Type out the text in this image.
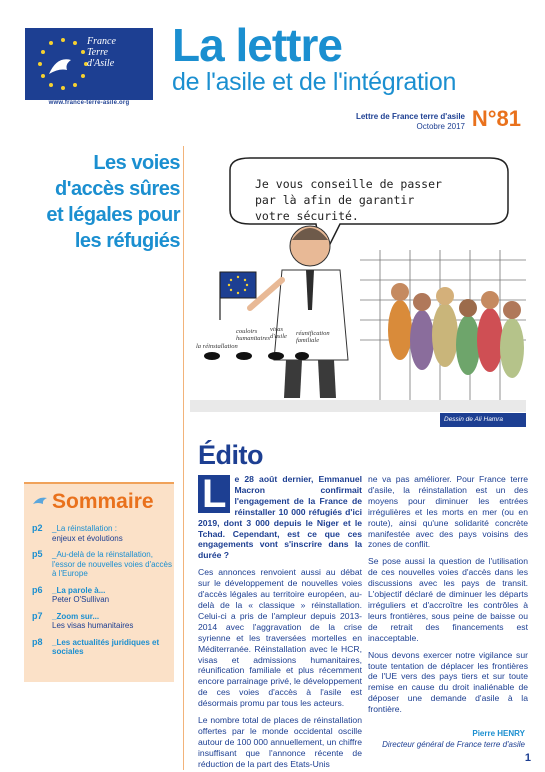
France
Terre
d'Asile
www.france-terre-asile.org
La lettre
de l'asile et de l'intégration
Lettre de France terre d'asile
Octobre 2017 N°81
Les voies d'accès sûres et légales pour les réfugiés
Je vous conseille de passer par là afin de garantir votre sécurité.
la réinstallation
couloirs humanitaires
visas d'asile	réunification familiale
Dessin de Ali Hamra
Édito

L e 28 août dernier, Emmanuel Macron confirmait l'engagement de la France de réinstaller 10 000 réfugiés d'ici 2019, dont 3 000 depuis le Niger et le Tchad. Cependant, est ce que ces engagements vont s'inscrire dans la durée ?

Ces annonces renvoient aussi au débat sur le développement de nouvelles voies d'accès légales au territoire européen, au-delà de la « classique » réinstallation. Celui-ci a pris de l'ampleur depuis 2013-2014 avec l'aggravation de la crise syrienne et les traversées mortelles en Méditerranée. Réinstallation avec le HCR, visas et admissions humanitaires, réunification familiale et plus récemment encore parrainage privé, le développement de ces voies d'accès à l'asile est désormais promu par tous les acteurs.

Le nombre total de places de réinstallation offertes par le monde occidental oscille autour de 100 000 annuellement, un chiffre insuffisant que l'annonce récente de réduction de la part des Etats-Unis

ne va pas améliorer. Pour France terre d'asile, la réinstallation est un des moyens pour diminuer les entrées irrégulières et les morts en mer (ou en route), ainsi qu'une solidarité concrète manifestée avec des pays voisins des zones de conflit.

Se pose aussi la question de l'utilisation de ces nouvelles voies d'accès dans les discussions avec les pays de transit. L'objectif déclaré de diminuer les départs irréguliers et d'accroître les contrôles à leurs frontières, sous peine de baisse ou de retrait des financements est inacceptable.

Nous devons exercer notre vigilance sur toute tentation de déplacer les frontières de l'UE vers des pays tiers et sur toute remise en cause du droit inaliénable de déposer une demande d'asile à la frontière.

Pierre HENRY
Directeur général de France terre d'asile
Sommaire
p2	_La réinstallation :
enjeux et évolutions
p5	_Au-delà de la réinstallation, l'essor de nouvelles voies d'accès à l'Europe
p6	_La parole à...
Peter O'Sullivan
p7	_Zoom sur...
Les visas humanitaires
p8	_Les actualités juridiques et sociales
1
